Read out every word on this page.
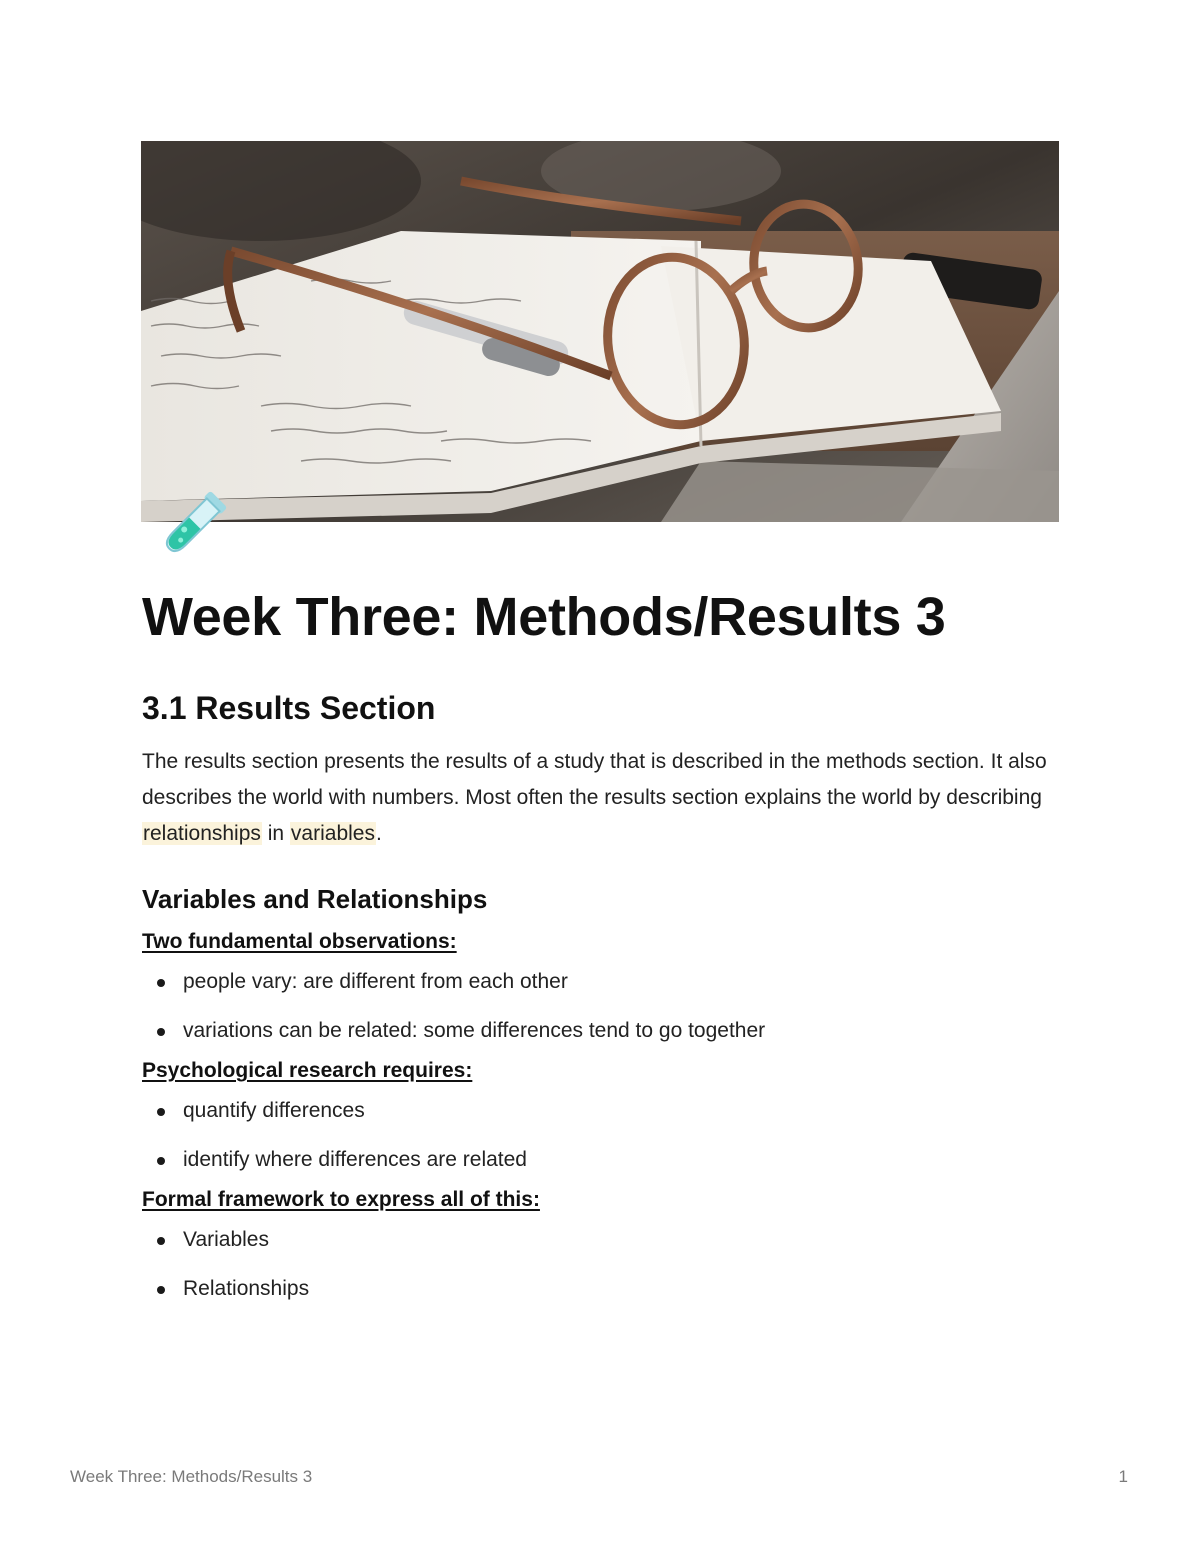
Week Three: Methods/Results 3
3.1 Results Section

The results section presents the results of a study that is described in the methods section. It also describes the world with numbers. Most often the results section explains the world by describing relationships in variables.

Variables and Relationships
Two fundamental observations:
people vary: are different from each other
variations can be related: some differences tend to go together
Psychological research requires:
quantify differences
identify where differences are related
Formal framework to express all of this:
Variables
Relationships
Week Three: Methods/Results 3	1
